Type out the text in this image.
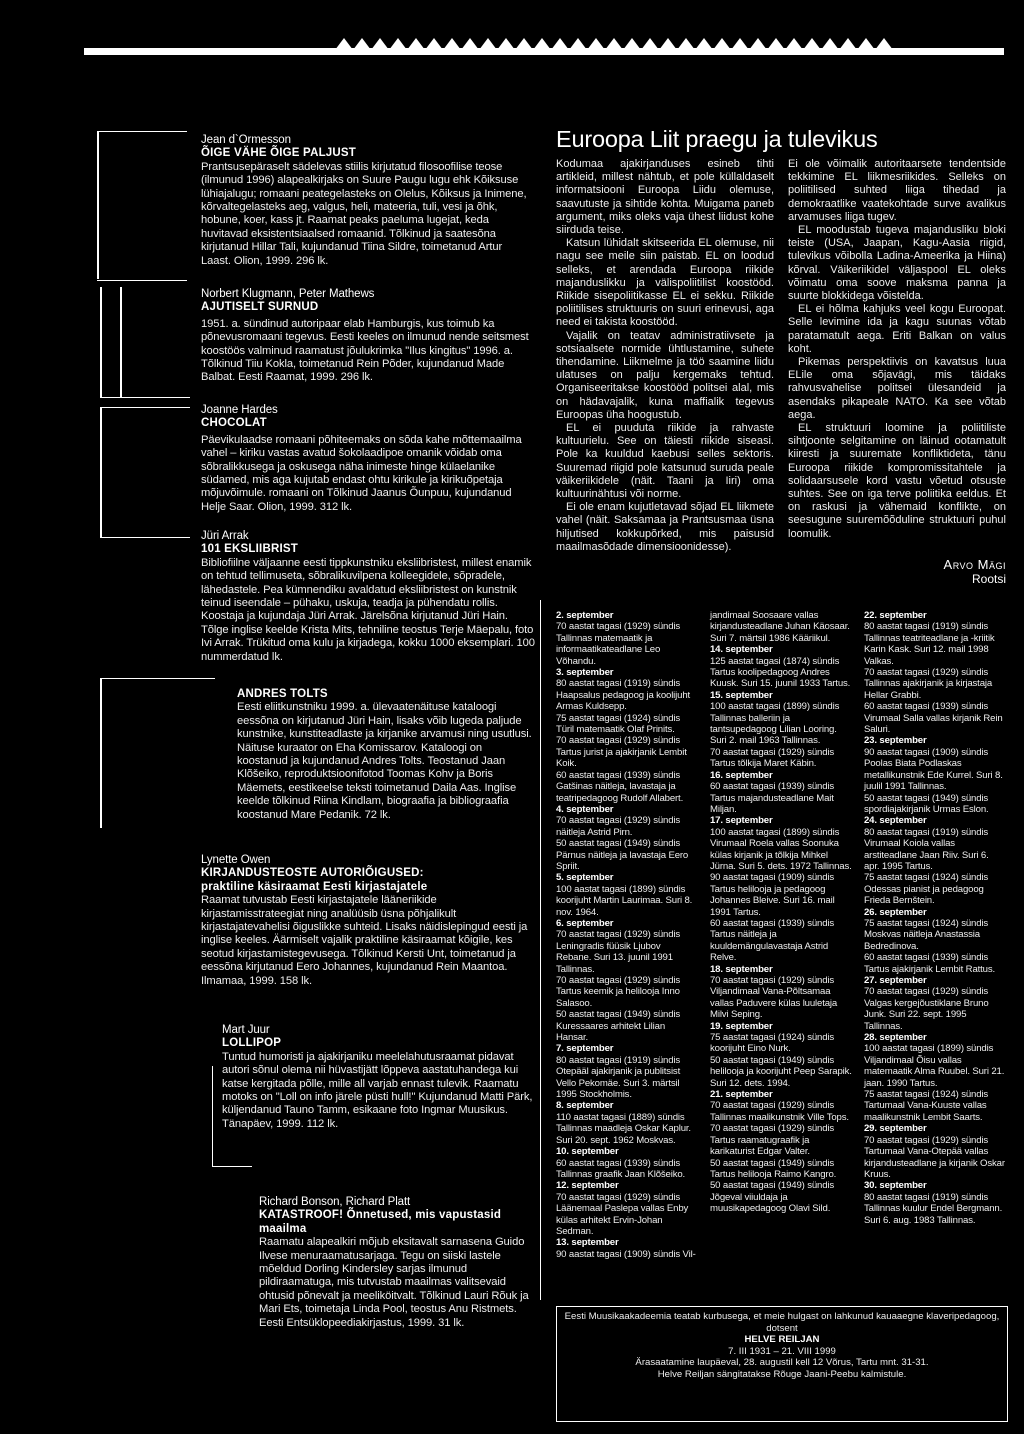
Jean d`Ormesson
ÕIGE VÄHE ÕIGE PALJUST
Prantsusepäraselt sädelevas stiilis kirjutatud filosoofilise teose (ilmunud 1996) alapealkirjaks on Suure Paugu lugu ehk Kõiksuse lühiajalugu; romaani peategelasteks on Olelus, Kõiksus ja Inimene, kõrvaltegelasteks aeg, valgus, heli, mateeria, tuli, vesi ja õhk, hobune, koer, kass jt. Raamat peaks paeluma lugejat, keda huvitavad eksistentsiaalsed romaanid. Tõlkinud ja saatesõna kirjutanud Hillar Tali, kujundanud Tiina Sildre, toimetanud Artur Laast. Olion, 1999. 296 lk.
Norbert Klugmann, Peter Mathews
AJUTISELT SURNUD
1951. a. sündinud autoripaar elab Hamburgis, kus toimub ka põnevusromaani tegevus. Eesti keeles on ilmunud nende seitsmest koostöös valminud raamatust jõulukrimka "Ilus kingitus" 1996. a. Tõlkinud Tiiu Kokla, toimetanud Rein Põder, kujundanud Made Balbat. Eesti Raamat, 1999. 296 lk.
Joanne Hardes
CHOCOLAT
Päevikulaadse romaani põhiteemaks on sõda kahe mõttemaailma vahel – kiriku vastas avatud šokolaadipoe omanik võidab oma sõbralikkusega ja oskusega näha inimeste hinge külaelanike südamed, mis aga kujutab endast ohtu kirikule ja kirikuõpetaja mõjuvõimule. romaani on Tõlkinud Jaanus Õunpuu, kujundanud Helje Saar. Olion, 1999. 312 lk.
Jüri Arrak
101 EKSLIIBRIST
Bibliofiilne väljaanne eesti tippkunstniku eksliibristest, millest enamik on tehtud tellimuseta, sõbralikuvilpena kolleegidele, sõpradele, lähedastele. Pea kümnendiku avaldatud eksliibristest on kunstnik teinud iseendale – pühaku, uskuja, teadja ja pühendatu rollis. Koostaja ja kujundaja Jüri Arrak. Järelsõna kirjutanud Jüri Hain. Tõlge inglise keelde Krista Mits, tehniline teostus Terje Mäepalu, foto Ivi Arrak. Trükitud oma kulu ja kirjadega, kokku 1000 eksemplari. 100 nummerdatud lk.
ANDRES TOLTS
Eesti eliitkunstniku 1999. a. ülevaatenäituse kataloogi eessõna on kirjutanud Jüri Hain, lisaks võib lugeda paljude kunstnike, kunstiteadlaste ja kirjanike arvamusi ning usutlusi. Näituse kuraator on Eha Komissarov. Kataloogi on koostanud ja kujundanud Andres Tolts. Teostanud Jaan Klõšeiko, reproduktsioonifotod Toomas Kohv ja Boris Mäemets, eestikeelse teksti toimetanud Daila Aas. Inglise keelde tõlkinud Riina Kindlam, biograafia ja bibliograafia koostanud Mare Pedanik. 72 lk.
Lynette Owen
KIRJANDUSTEOSTE AUTORIÕIGUSED:
praktiline käsiraamat Eesti kirjastajatele
Raamat tutvustab Eesti kirjastajatele lääneriikide kirjastamisstrateegiat ning analüüsib üsna põhjalikult kirjastajatevahelisi õiguslikke suhteid. Lisaks näidislepingud eesti ja inglise keeles. Äärmiselt vajalik praktiline käsiraamat kõigile, kes seotud kirjastamistegevusega. Tõlkinud Kersti Unt, toimetanud ja eessõna kirjutanud Eero Johannes, kujundanud Rein Maantoa. Ilmamaa, 1999. 158 lk.
Mart Juur
LOLLIPOP
Tuntud humoristi ja ajakirjaniku meelelahutusraamat pidavat autori sõnul olema nii hüvastijätt lõppeva aastatuhandega kui katse kergitada põlle, mille all varjab ennast tulevik. Raamatu motoks on "Loll on info järele püsti hull!" Kujundanud Matti Pärk, küljendanud Tauno Tamm, esikaane foto Ingmar Muusikus. Tänapäev, 1999. 112 lk.
Richard Bonson, Richard Platt
KATASTROOF! Õnnetused, mis vapustasid maailma
Raamatu alapealkiri mõjub eksitavalt sarnasena Guido Ilvese menuraamatusarjaga. Tegu on siiski lastele mõeldud Dorling Kindersley sarjas ilmunud pildiraamatuga, mis tutvustab maailmas valitsevaid ohtusid põnevalt ja meeliköitvalt. Tõlkinud Lauri Rõuk ja Mari Ets, toimetaja Linda Pool, teostus Anu Ristmets. Eesti Entsüklopeediakirjastus, 1999. 31 lk.
Euroopa Liit praegu ja tulevikus

Kodumaa ajakirjanduses esineb tihti artikleid, millest nähtub, et pole küllaldaselt informatsiooni Euroopa Liidu olemuse, saavutuste ja sihtide kohta. Muigama paneb argument, miks oleks vaja ühest liidust kohe siirduda teise.

Katsun lühidalt skitseerida EL olemuse, nii nagu see meile siin paistab. EL on loodud selleks, et arendada Euroopa riikide majanduslikku ja välispoliitilist koostööd. Riikide sisepoliitikasse EL ei sekku. Riikide poliitilises struktuuris on suuri erinevusi, aga need ei takista koostööd.

Vajalik on teatav administratiivsete ja sotsiaalsete normide ühtlustamine, suhete tihendamine. Liikmelme ja töö saamine liidu ulatuses on palju kergemaks tehtud. Organiseeritakse koostööd politsei alal, mis on hädavajalik, kuna maffialik tegevus Euroopas üha hoogustub.

EL ei puuduta riikide ja rahvaste kultuurielu. See on täiesti riikide siseasi. Pole ka kuuldud kaebusi selles sektoris. Suuremad riigid pole katsunud suruda peale väikeriikidele (näit. Taani ja Iiri) oma kultuurinähtusi või norme.

Ei ole enam kujutletavad sõjad EL liikmete vahel (näit. Saksamaa ja Prantsusmaa üsna hiljutised kokkupõrked, mis paisusid maailmasõdade dimensioonidesse).

Ei ole võimalik autoritaarsete tendentside tekkimine EL liikmesriikides. Selleks on poliitilised suhted liiga tihedad ja demokraatlike vaatekohtade surve avalikus arvamuses liiga tugev.

EL moodustab tugeva majandusliku bloki teiste (USA, Jaapan, Kagu-Aasia riigid, tulevikus võibolla Ladina-Ameerika ja Hiina) kõrval. Väikeriikidel väljaspool EL oleks võimatu oma soove maksma panna ja suurte blokkidega võistelda.

EL ei hõlma kahjuks veel kogu Euroopat. Selle levimine ida ja kagu suunas võtab paratamatult aega. Eriti Balkan on valus koht.

Pikemas perspektiivis on kavatsus luua ELile oma sõjavägi, mis täidaks rahvusvahelise politsei ülesandeid ja asendaks pikapeale NATO. Ka see võtab aega.

EL struktuuri loomine ja poliitiliste sihtjoonte selgitamine on läinud ootamatult kiiresti ja suuremate konfliktideta, tänu Euroopa riikide kompromissitahtele ja solidaarsusele kord vastu võetud otsuste suhtes. See on iga terve poliitika eeldus. Et on raskusi ja vähemaid konflikte, on seesugune suuremõõduline struktuuri puhul loomulik.

Arvo Mägi
Rootsi
2. september
70 aastat tagasi (1929) sündis Tallinnas matemaatik ja informaatikateadlane Leo Võhandu.
3. september
80 aastat tagasi (1919) sündis Haapsalus pedagoog ja koolijuht Armas Kuldsepp.
75 aastat tagasi (1924) sündis Türil matemaatik Olaf Prinits.
70 aastat tagasi (1929) sündis Tartus jurist ja ajakirjanik Lembit Koik.
60 aastat tagasi (1939) sündis Gatšinas näitleja, lavastaja ja teatripedagoog Rudolf Allabert.
4. september
70 aastat tagasi (1929) sündis näitleja Astrid Pirn.
50 aastat tagasi (1949) sündis Pärnus näitleja ja lavastaja Eero Spriit.
5. september
100 aastat tagasi (1899) sündis koorijuht Martin Laurimaa. Suri 8. nov. 1964.
6. september
70 aastat tagasi (1929) sündis Leningradis füüsik Ljubov Rebane. Suri 13. juunil 1991 Tallinnas.
70 aastat tagasi (1929) sündis Tartus keemik ja helilooja Inno Salasoo.
50 aastat tagasi (1949) sündis Kuressaares arhitekt Lilian Hansar.
7. september
80 aastat tagasi (1919) sündis Otepääl ajakirjanik ja publitsist Vello Pekomäe. Suri 3. märtsil 1995 Stockholmis.
8. september
110 aastat tagasi (1889) sündis Tallinnas maadleja Oskar Kaplur. Suri 20. sept. 1962 Moskvas.
10. september
60 aastat tagasi (1939) sündis Tallinnas graafik Jaan Klõšeiko.
12. september
70 aastat tagasi (1929) sündis Läänemaal Paslepa vallas Enby külas arhitekt Ervin-Johan Sedman.
13. september
90 aastat tagasi (1909) sündis Vil-
jandimaal Soosaare vallas kirjandusteadlane Juhan Käosaar. Suri 7. märtsil 1986 Kääriikul.
14. september
125 aastat tagasi (1874) sündis Tartus koolipedagoog Andres Kuusk. Suri 15. juunil 1933 Tartus.
15. september
100 aastat tagasi (1899) sündis Tallinnas balleriin ja tantsupedagoog Lilian Looring. Suri 2. mail 1963 Tallinnas.
70 aastat tagasi (1929) sündis Tartus tõlkija Maret Käbin.
16. september
60 aastat tagasi (1939) sündis Tartus majandusteadlane Mait Miljan.
17. september
100 aastat tagasi (1899) sündis Virumaal Roela vallas Soonuka külas kirjanik ja tõlkija Mihkel Jürna. Suri 5. dets. 1972 Tallinnas.
90 aastat tagasi (1909) sündis Tartus helilooja ja pedagoog Johannes Bleive. Suri 16. mail 1991 Tartus.
60 aastat tagasi (1939) sündis Tartus näitleja ja kuuldemängulavastaja Astrid Relve.
18. september
70 aastat tagasi (1929) sündis Viljandimaal Vana-Põltsamaa vallas Paduvere külas luuletaja Milvi Seping.
19. september
75 aastat tagasi (1924) sündis koorijuht Eino Nurk.
50 aastat tagasi (1949) sündis helilooja ja koorijuht Peep Sarapik. Suri 12. dets. 1994.
21. september
70 aastat tagasi (1929) sündis Tallinnas maalikunstnik Ville Tops.
70 aastat tagasi (1929) sündis Tartus raamatugraafik ja karikaturist Edgar Valter.
50 aastat tagasi (1949) sündis Tartus helilooja Raimo Kangro.
50 aastat tagasi (1949) sündis Jõgeval viiuldaja ja muusikapedagoog Olavi Sild.
22. september
80 aastat tagasi (1919) sündis Tallinnas teatriteadlane ja -kriitik Karin Kask. Suri 12. mail 1998 Valkas.
70 aastat tagasi (1929) sündis Tallinnas ajakirjanik ja kirjastaja Hellar Grabbi.
60 aastat tagasi (1939) sündis Virumaal Salla vallas kirjanik Rein Saluri.
23. september
90 aastat tagasi (1909) sündis Poolas Biata Podlaskas metallikunstnik Ede Kurrel. Suri 8. juulil 1991 Tallinnas.
50 aastat tagasi (1949) sündis spordiajakirjanik Urmas Eslon.
24. september
80 aastat tagasi (1919) sündis Virumaal Koiola vallas arstiteadlane Jaan Riiv. Suri 6. apr. 1995 Tartus.
75 aastat tagasi (1924) sündis Odessas pianist ja pedagoog Frieda Bernštein.
26. september
75 aastat tagasi (1924) sündis Moskvas näitleja Anastassia Bedredinova.
60 aastat tagasi (1939) sündis Tartus ajakirjanik Lembit Rattus.
27. september
70 aastat tagasi (1929) sündis Valgas kergejõustiklane Bruno Junk. Suri 22. sept. 1995 Tallinnas.
28. september
100 aastat tagasi (1899) sündis Viljandimaal Õisu vallas matemaatik Alma Ruubel. Suri 21. jaan. 1990 Tartus.
75 aastat tagasi (1924) sündis Tartumaal Vana-Kuuste vallas maalikunstnik Lembit Saarts.
29. september
70 aastat tagasi (1929) sündis Tartumaal Vana-Otepää vallas kirjandusteadlane ja kirjanik Oskar Kruus.
30. september
80 aastat tagasi (1919) sündis Tallinnas kuulur Endel Bergmann. Suri 6. aug. 1983 Tallinnas.
Eesti Muusikaakadeemia teatab kurbusega, et meie hulgast on lahkunud kauaaegne klaveripedagoog, dotsent
HELVE REILJAN
7. III 1931 – 21. VIII 1999
Ärasaatamine laupäeval, 28. augustil kell 12 Võrus, Tartu mnt. 31-31.
Helve Reiljan sängitatakse Rõuge Jaani-Peebu kalmistule.
